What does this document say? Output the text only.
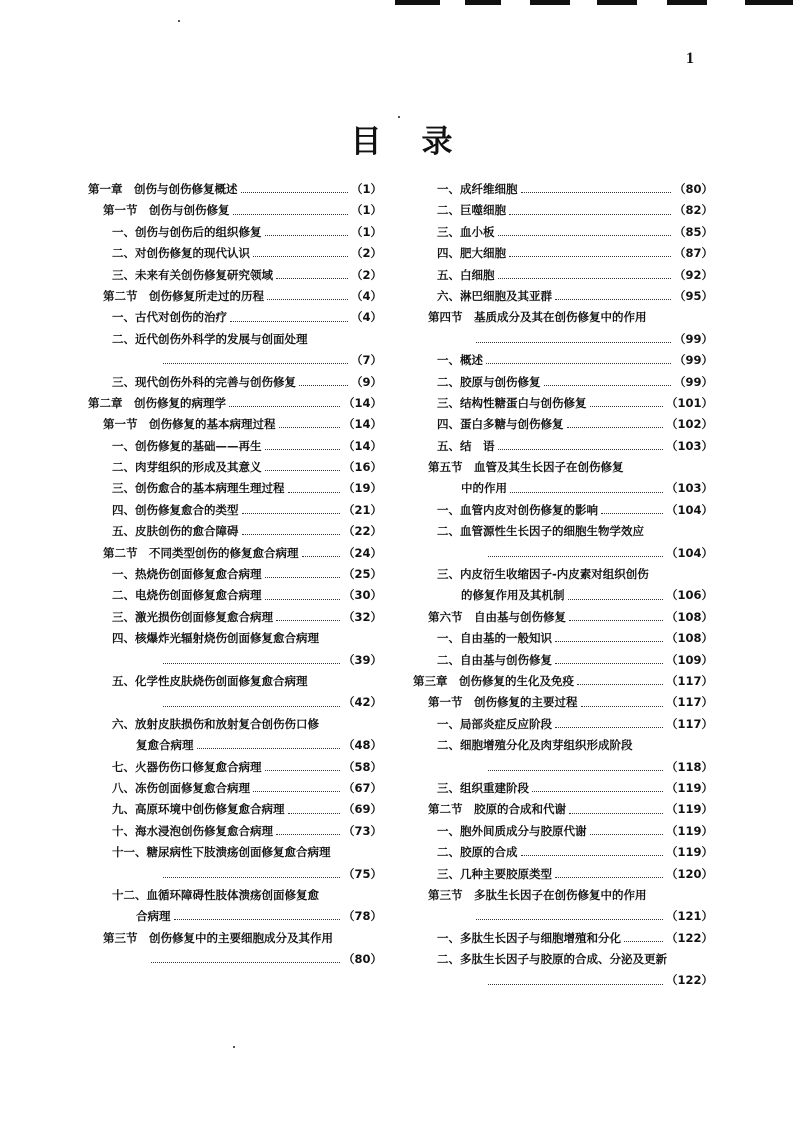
1
目录
第一章　创伤与创伤修复概述	（1）
第一节　创伤与创伤修复	（1）
一、创伤与创伤后的组织修复	（1）
二、对创伤修复的现代认识	（2）
三、未来有关创伤修复研究领域	（2）
第二节　创伤修复所走过的历程	（4）
一、古代对创伤的治疗	（4）
二、近代创伤外科学的发展与创面处理
（7）
三、现代创伤外科的完善与创伤修复	（9）
第二章　创伤修复的病理学	（14）
第一节　创伤修复的基本病理过程	（14）
一、创伤修复的基础——再生	（14）
二、肉芽组织的形成及其意义	（16）
三、创伤愈合的基本病理生理过程	（19）
四、创伤修复愈合的类型	（21）
五、皮肤创伤的愈合障碍	（22）
第二节　不同类型创伤的修复愈合病理	（24）
一、热烧伤创面修复愈合病理	（25）
二、电烧伤创面修复愈合病理	（30）
三、激光损伤创面修复愈合病理	（32）
四、核爆炸光辐射烧伤创面修复愈合病理
（39）
五、化学性皮肤烧伤创面修复愈合病理
（42）
六、放射皮肤损伤和放射复合创伤伤口修
复愈合病理	（48）
七、火器伤伤口修复愈合病理	（58）
八、冻伤创面修复愈合病理	（67）
九、高原环境中创伤修复愈合病理	（69）
十、海水浸泡创伤修复愈合病理	（73）
十一、糖尿病性下肢溃疡创面修复愈合病理
（75）
十二、血循环障碍性肢体溃疡创面修复愈
合病理	（78）
第三节　创伤修复中的主要细胞成分及其作用
（80）
一、成纤维细胞	（80）
二、巨噬细胞	（82）
三、血小板	（85）
四、肥大细胞	（87）
五、白细胞	（92）
六、淋巴细胞及其亚群	（95）
第四节　基质成分及其在创伤修复中的作用
（99）
一、概述	（99）
二、胶原与创伤修复	（99）
三、结构性糖蛋白与创伤修复	（101）
四、蛋白多糖与创伤修复	（102）
五、结　语	（103）
第五节　血管及其生长因子在创伤修复
中的作用	（103）
一、血管内皮对创伤修复的影响	（104）
二、血管源性生长因子的细胞生物学效应
（104）
三、内皮衍生收缩因子-内皮素对组织创伤
的修复作用及其机制	（106）
第六节　自由基与创伤修复	（108）
一、自由基的一般知识	（108）
二、自由基与创伤修复	（109）
第三章　创伤修复的生化及免疫	（117）
第一节　创伤修复的主要过程	（117）
一、局部炎症反应阶段	（117）
二、细胞增殖分化及肉芽组织形成阶段
（118）
三、组织重建阶段	（119）
第二节　胶原的合成和代谢	（119）
一、胞外间质成分与胶原代谢	（119）
二、胶原的合成	（119）
三、几种主要胶原类型	（120）
第三节　多肽生长因子在创伤修复中的作用
（121）
一、多肽生长因子与细胞增殖和分化	（122）
二、多肽生长因子与胶原的合成、分泌及更新
（122）
